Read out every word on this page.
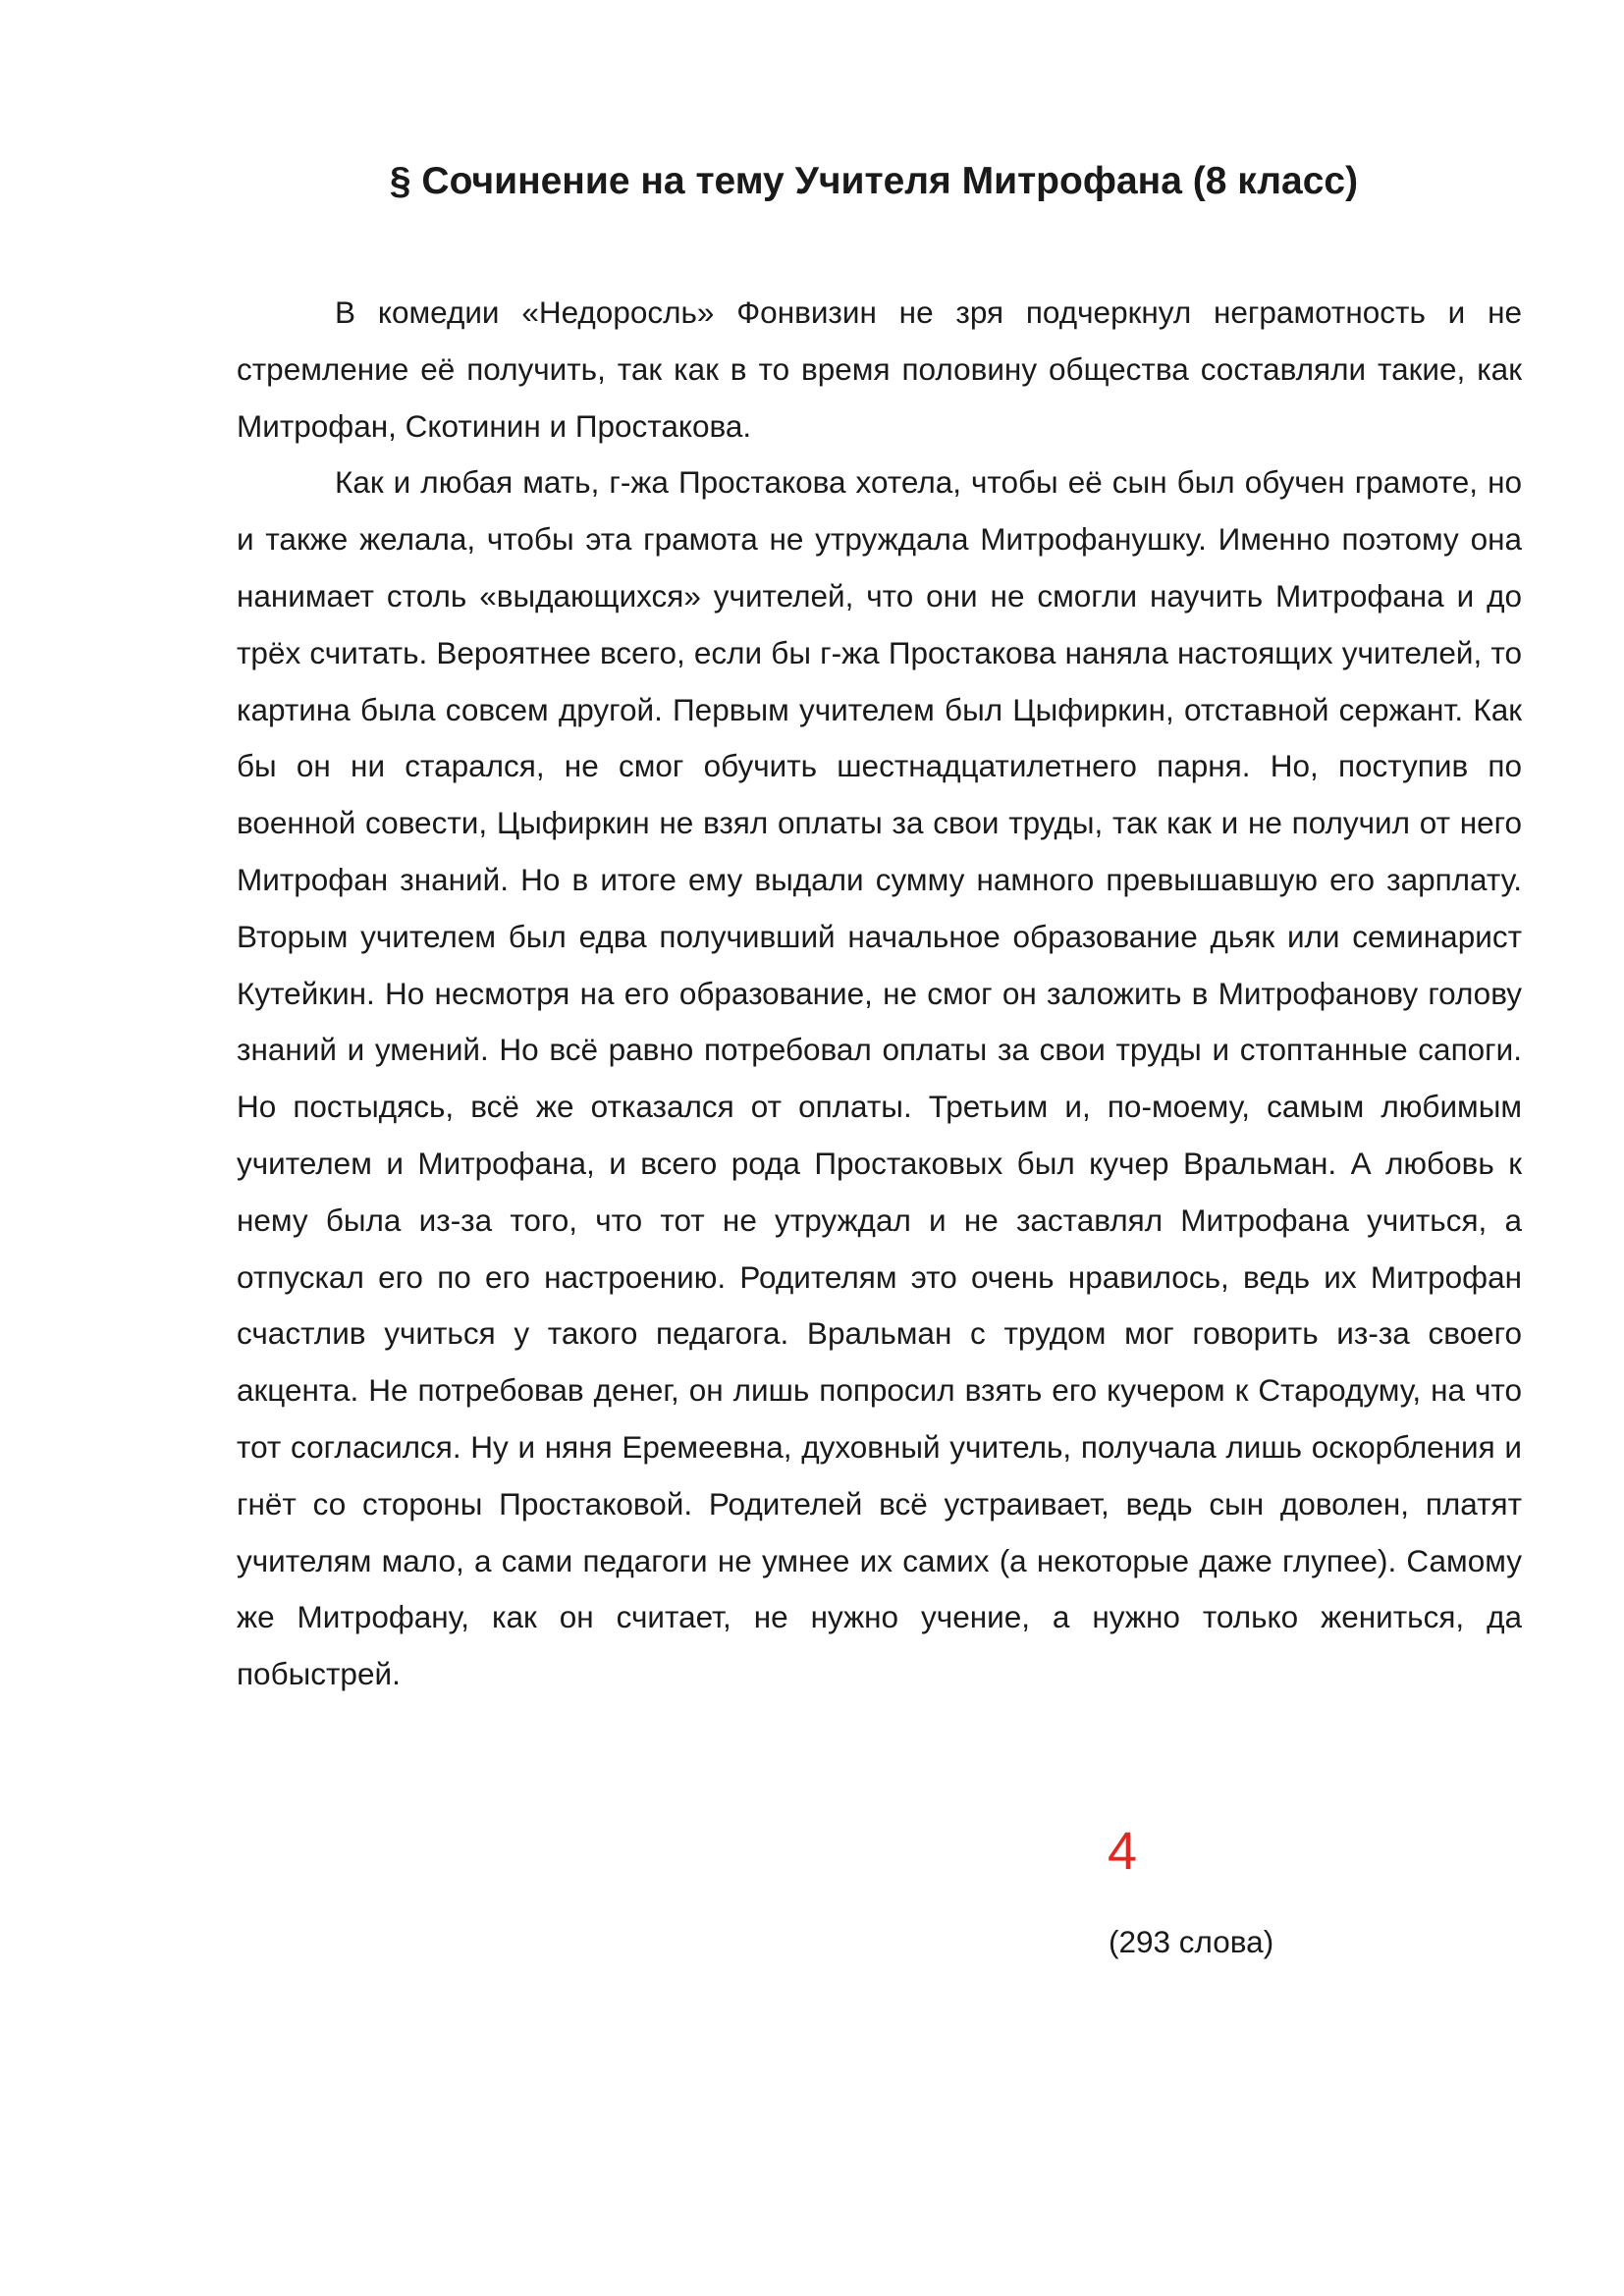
§ Сочинение на тему Учителя Митрофана (8 класс)

В комедии «Недоросль» Фонвизин не зря подчеркнул неграмотность и не стремление её получить, так как в то время половину общества составляли такие, как Митрофан, Скотинин и Простакова.

Как и любая мать, г-жа Простакова хотела, чтобы её сын был обучен грамоте, но и также желала, чтобы эта грамота не утруждала Митрофанушку. Именно поэтому она нанимает столь «выдающихся» учителей, что они не смогли научить Митрофана и до трёх считать. Вероятнее всего, если бы г-жа Простакова наняла настоящих учителей, то картина была совсем другой. Первым учителем был Цыфиркин, отставной сержант. Как бы он ни старался, не смог обучить шестнадцатилетнего парня. Но, поступив по военной совести, Цыфиркин не взял оплаты за свои труды, так как и не получил от него Митрофан знаний. Но в итоге ему выдали сумму намного превышавшую его зарплату. Вторым учителем был едва получивший начальное образование дьяк или семинарист Кутейкин. Но несмотря на его образование, не смог он заложить в Митрофанову голову знаний и умений. Но всё равно потребовал оплаты за свои труды и стоптанные сапоги. Но постыдясь, всё же отказался от оплаты. Третьим и, по-моему, самым любимым учителем и Митрофана, и всего рода Простаковых был кучер Вральман. А любовь к нему была из-за того, что тот не утруждал и не заставлял Митрофана учиться, а отпускал его по его настроению. Родителям это очень нравилось, ведь их Митрофан счастлив учиться у такого педагога. Вральман с трудом мог говорить из-за своего акцента. Не потребовав денег, он лишь попросил взять его кучером к Стародуму, на что тот согласился. Ну и няня Еремеевна, духовный учитель, получала лишь оскорбления и гнёт со стороны Простаковой. Родителей всё устраивает, ведь сын доволен, платят учителям мало, а сами педагоги не умнее их самих (а некоторые даже глупее). Самому же Митрофану, как он считает, не нужно учение, а нужно только жениться, да побыстрей.

4

(293 слова)
